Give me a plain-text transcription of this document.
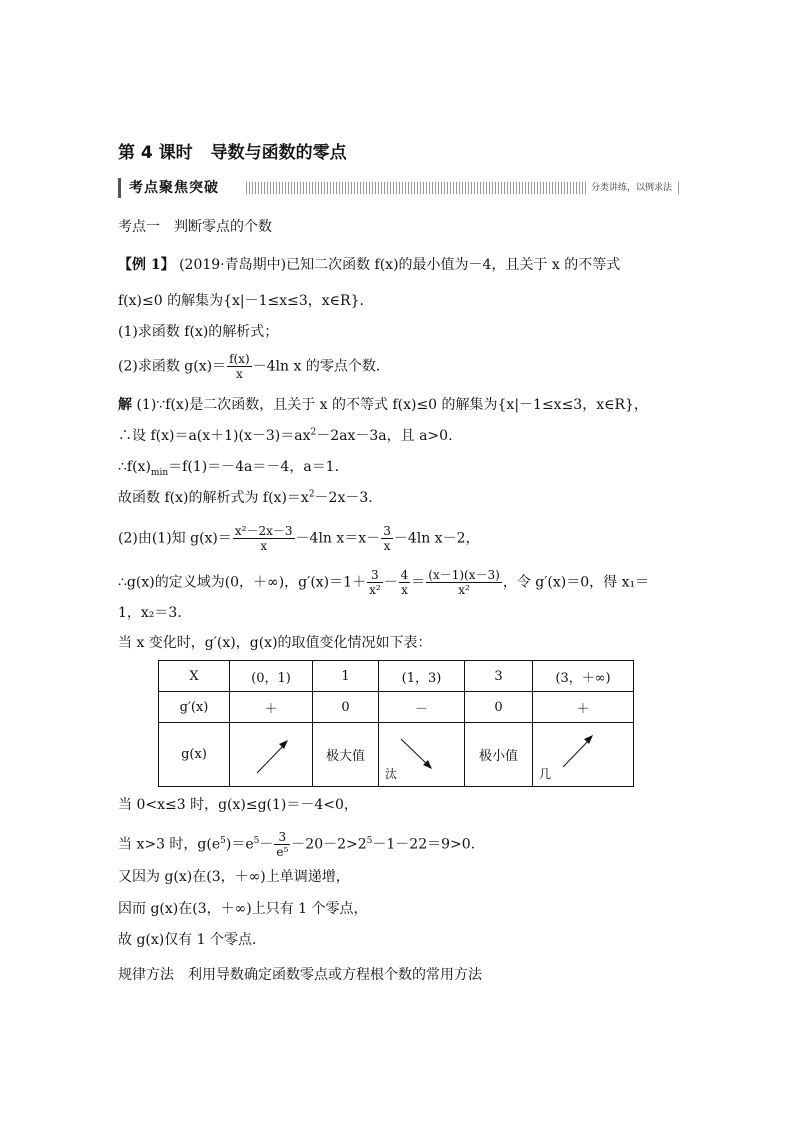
第 4 课时 导数与函数的零点
考点聚焦突破	分类讲练，以例求法
考点一　判断零点的个数
【例 1】 (2019·青岛期中)已知二次函数 f(x)的最小值为－4，且关于 x 的不等式
f(x)≤0 的解集为{x|－1≤x≤3，x∈R}．
(1)求函数 f(x)的解析式；
(2)求函数 $g(x)= \frac{f(x)}{x} -4\ln$ x 的零点个数．
解 (1)∵f(x)是二次函数，且关于 x 的不等式 f(x)≤0 的解集为{x|－1≤x≤3，x∈R}，
∴设 $f(x)=a(x+1)(x-3)=ax^2-2ax-3a$，且 a>0.
$\therefore f(x)_{min}=f(1)=-4a=-4$，a＝1.
故函数 f(x)的解析式为 $f(x)=x^2-2x-3$.
(2)由(1)知 $g(x)= \frac{\text{x²－2x－3}}{x} -4\ln$ $x=x- \frac{3}{x} -4\ln$ x－2，
∴g(x)的定义域为(0，＋∞)，$g'(x)=1+ \frac{3}{\text{x²}} - \frac{4}{x} = \frac{(x-1)(x-3)}{\text{x²}}$ ，令 g′(x)＝0，得 x₁＝
1，x₂＝3.
当 x 变化时，g′(x)，g(x)的取值变化情况如下表：
X	(0，1)	1	(1，3)	3	(3，＋∞)
g′(x)	＋	0	－	0	＋
g(x)		极大值	汰	极小值	几
当 0<x≤3 时，g(x)≤g(1)＝－4<0，
当 x>3 时，$g(e^5)=e^5- \frac{3}{\text{e⁵}} -20-2>2^5-1-22=9>0$.
又因为 g(x)在(3，＋∞)上单调递增，
因而 g(x)在(3，＋∞)上只有 1 个零点，
故 g(x)仅有 1 个零点．
规律方法　利用导数确定函数零点或方程根个数的常用方法
